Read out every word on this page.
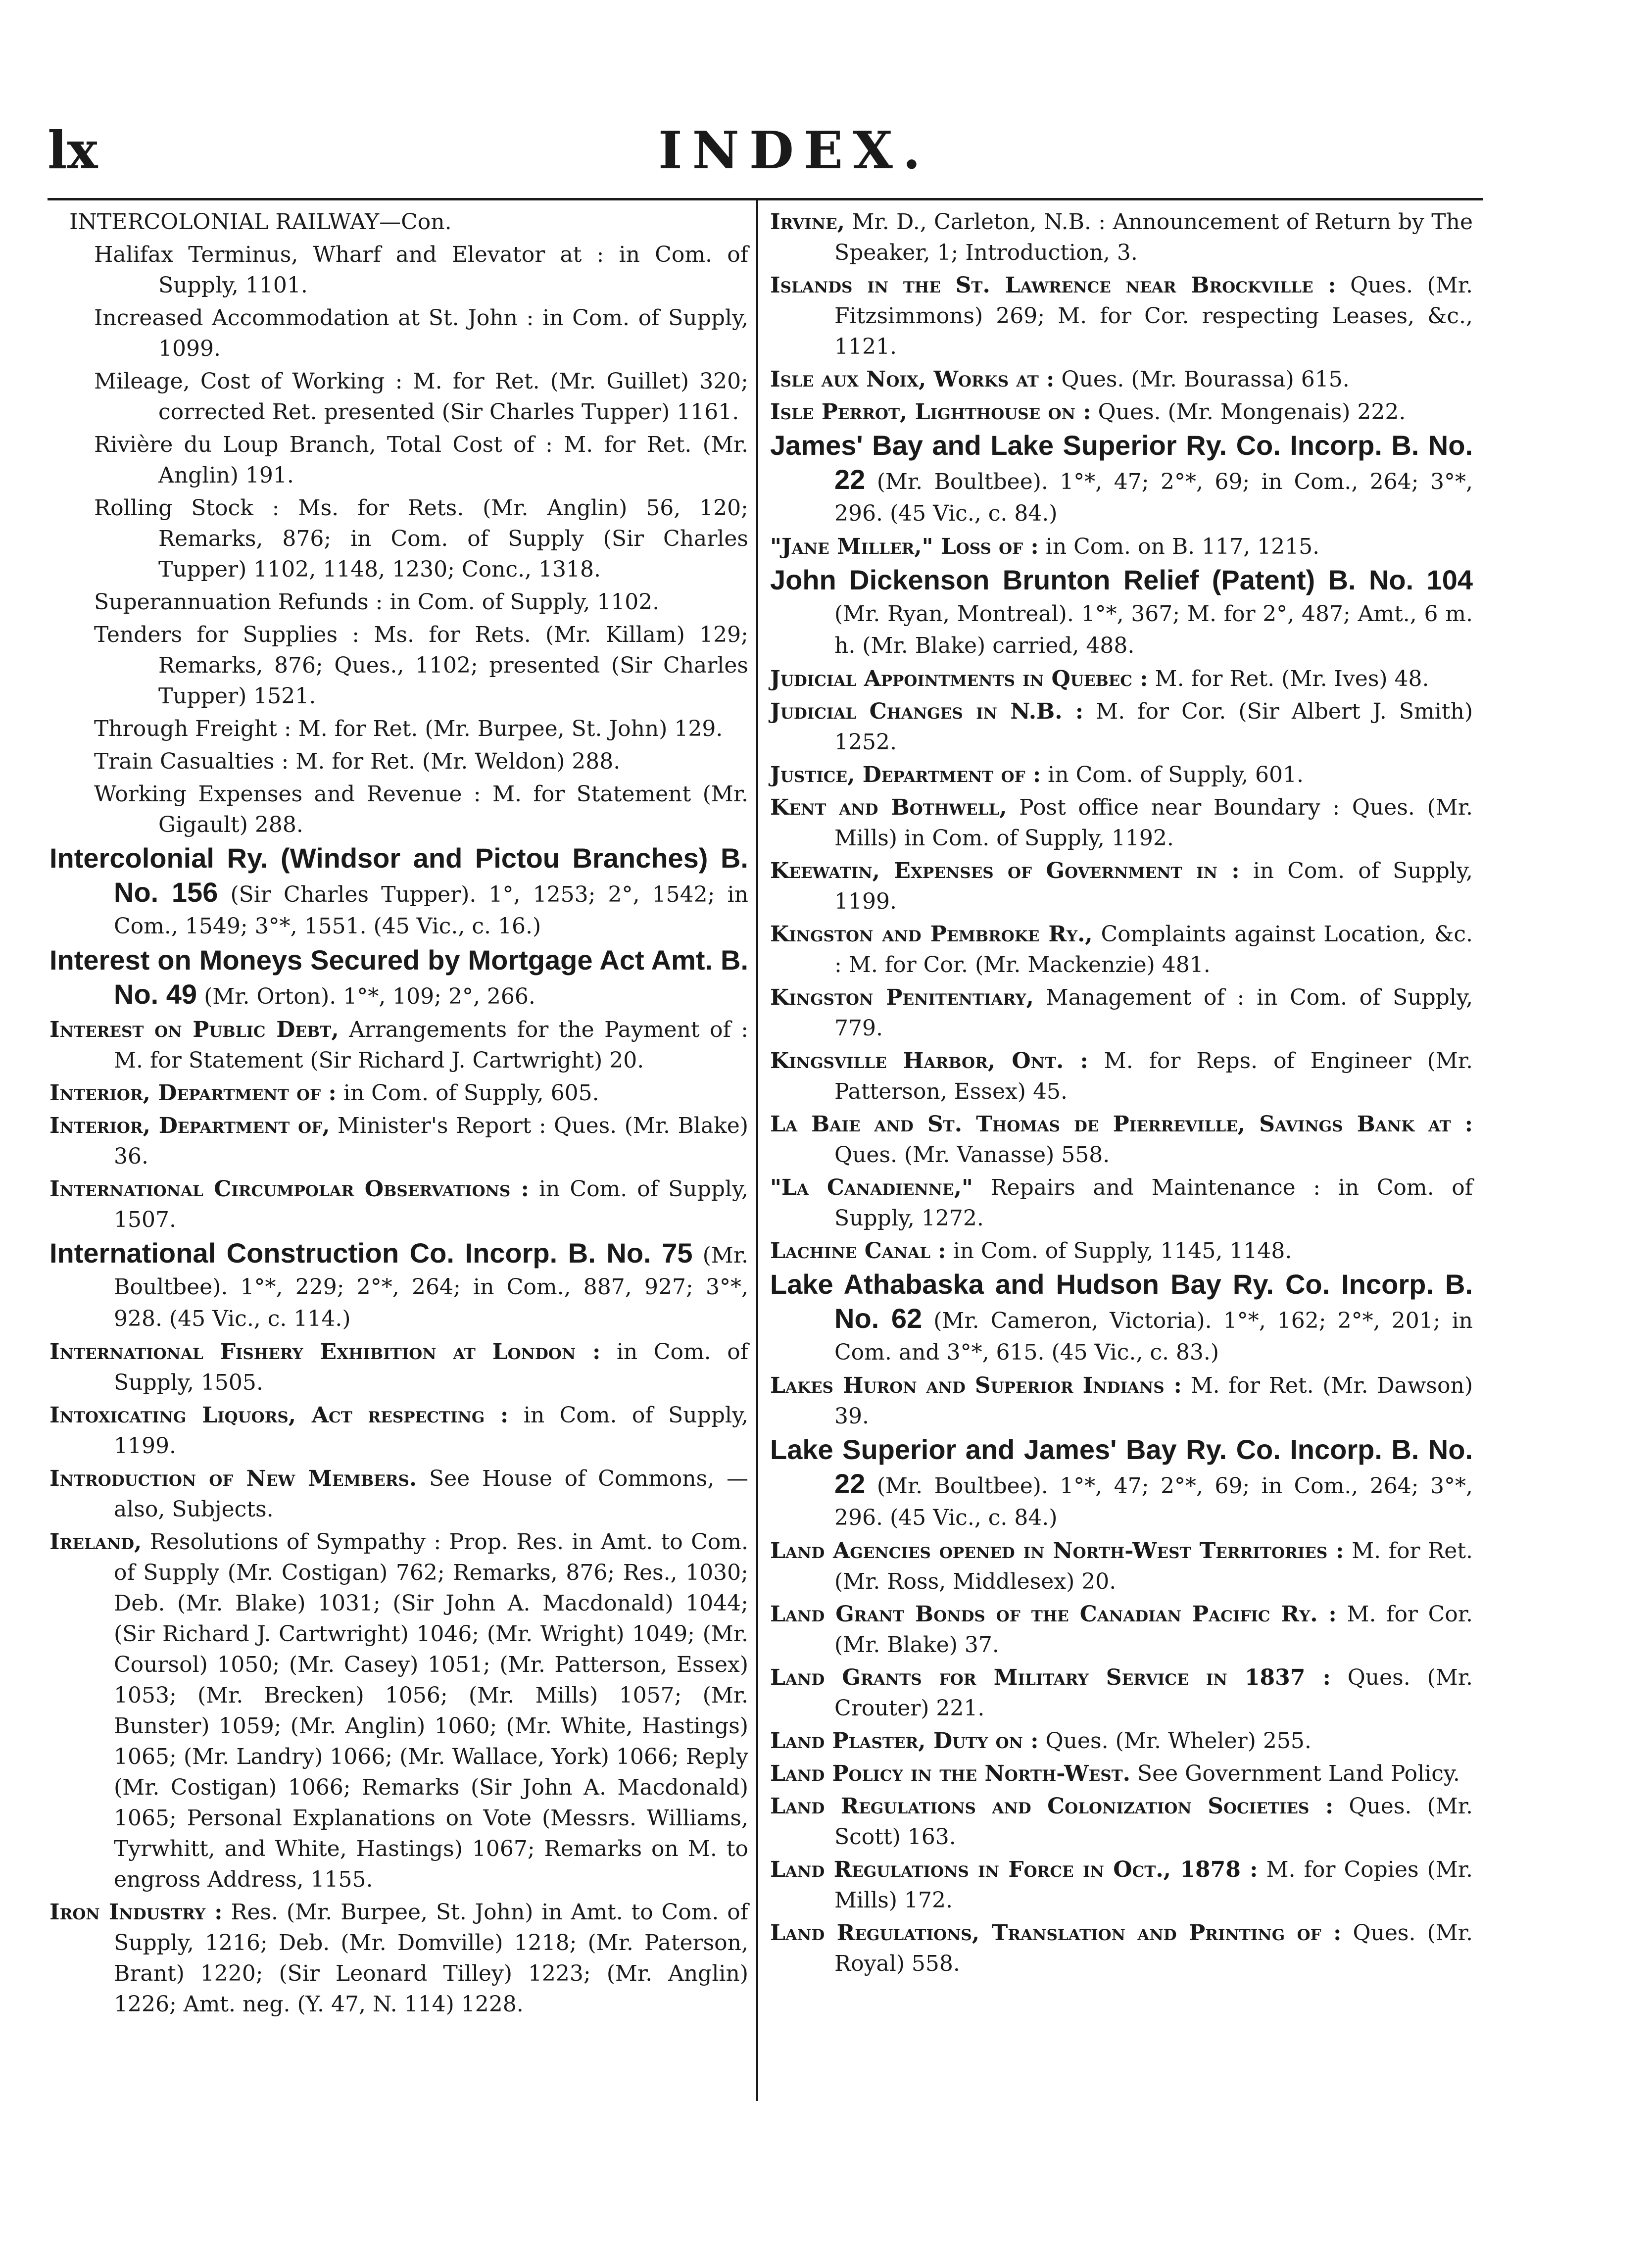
lx	INDEX.

INTERCOLONIAL RAILWAY—Con.

Halifax Terminus, Wharf and Elevator at : in Com. of Supply, 1101.

Increased Accommodation at St. John : in Com. of Supply, 1099.

Mileage, Cost of Working : M. for Ret. (Mr. Guillet) 320; corrected Ret. presented (Sir Charles Tupper) 1161.

Rivière du Loup Branch, Total Cost of : M. for Ret. (Mr. Anglin) 191.

Rolling Stock : Ms. for Rets. (Mr. Anglin) 56, 120; Remarks, 876; in Com. of Supply (Sir Charles Tupper) 1102, 1148, 1230; Conc., 1318.

Superannuation Refunds : in Com. of Supply, 1102.

Tenders for Supplies : Ms. for Rets. (Mr. Killam) 129; Remarks, 876; Ques., 1102; presented (Sir Charles Tupper) 1521.

Through Freight : M. for Ret. (Mr. Burpee, St. John) 129.

Train Casualties : M. for Ret. (Mr. Weldon) 288.

Working Expenses and Revenue : M. for Statement (Mr. Gigault) 288.

Intercolonial Ry. (Windsor and Pictou Branches) B. No. 156 (Sir Charles Tupper). 1°, 1253; 2°, 1542; in Com., 1549; 3°*, 1551. (45 Vic., c. 16.)

Interest on Moneys Secured by Mortgage Act Amt. B. No. 49 (Mr. Orton). 1°*, 109; 2°, 266.

Interest on Public Debt, Arrangements for the Payment of : M. for Statement (Sir Richard J. Cartwright) 20.

Interior, Department of : in Com. of Supply, 605.

Interior, Department of, Minister's Report : Ques. (Mr. Blake) 36.

International Circumpolar Observations : in Com. of Supply, 1507.

International Construction Co. Incorp. B. No. 75 (Mr. Boultbee). 1°*, 229; 2°*, 264; in Com., 887, 927; 3°*, 928. (45 Vic., c. 114.)

International Fishery Exhibition at London : in Com. of Supply, 1505.

Intoxicating Liquors, Act respecting : in Com. of Supply, 1199.

Introduction of New Members. See House of Commons, —also, Subjects.

Ireland, Resolutions of Sympathy : Prop. Res. in Amt. to Com. of Supply (Mr. Costigan) 762; Remarks, 876; Res., 1030; Deb. (Mr. Blake) 1031; (Sir John A. Macdonald) 1044; (Sir Richard J. Cartwright) 1046; (Mr. Wright) 1049; (Mr. Coursol) 1050; (Mr. Casey) 1051; (Mr. Patterson, Essex) 1053; (Mr. Brecken) 1056; (Mr. Mills) 1057; (Mr. Bunster) 1059; (Mr. Anglin) 1060; (Mr. White, Hastings) 1065; (Mr. Landry) 1066; (Mr. Wallace, York) 1066; Reply (Mr. Costigan) 1066; Remarks (Sir John A. Macdonald) 1065; Personal Explanations on Vote (Messrs. Williams, Tyrwhitt, and White, Hastings) 1067; Remarks on M. to engross Address, 1155.

Iron Industry : Res. (Mr. Burpee, St. John) in Amt. to Com. of Supply, 1216; Deb. (Mr. Domville) 1218; (Mr. Paterson, Brant) 1220; (Sir Leonard Tilley) 1223; (Mr. Anglin) 1226; Amt. neg. (Y. 47, N. 114) 1228.

Irvine, Mr. D., Carleton, N.B. : Announcement of Return by The Speaker, 1; Introduction, 3.

Islands in the St. Lawrence near Brockville : Ques. (Mr. Fitzsimmons) 269; M. for Cor. respecting Leases, &c., 1121.

Isle aux Noix, Works at : Ques. (Mr. Bourassa) 615.

Isle Perrot, Lighthouse on : Ques. (Mr. Mongenais) 222.

James' Bay and Lake Superior Ry. Co. Incorp. B. No. 22 (Mr. Boultbee). 1°*, 47; 2°*, 69; in Com., 264; 3°*, 296. (45 Vic., c. 84.)

"Jane Miller," Loss of : in Com. on B. 117, 1215.

John Dickenson Brunton Relief (Patent) B. No. 104 (Mr. Ryan, Montreal). 1°*, 367; M. for 2°, 487; Amt., 6 m. h. (Mr. Blake) carried, 488.

Judicial Appointments in Quebec : M. for Ret. (Mr. Ives) 48.

Judicial Changes in N.B. : M. for Cor. (Sir Albert J. Smith) 1252.

Justice, Department of : in Com. of Supply, 601.

Kent and Bothwell, Post office near Boundary : Ques. (Mr. Mills) in Com. of Supply, 1192.

Keewatin, Expenses of Government in : in Com. of Supply, 1199.

Kingston and Pembroke Ry., Complaints against Location, &c. : M. for Cor. (Mr. Mackenzie) 481.

Kingston Penitentiary, Management of : in Com. of Supply, 779.

Kingsville Harbor, Ont. : M. for Reps. of Engineer (Mr. Patterson, Essex) 45.

La Baie and St. Thomas de Pierreville, Savings Bank at : Ques. (Mr. Vanasse) 558.

"La Canadienne," Repairs and Maintenance : in Com. of Supply, 1272.

Lachine Canal : in Com. of Supply, 1145, 1148.

Lake Athabaska and Hudson Bay Ry. Co. Incorp. B. No. 62 (Mr. Cameron, Victoria). 1°*, 162; 2°*, 201; in Com. and 3°*, 615. (45 Vic., c. 83.)

Lakes Huron and Superior Indians : M. for Ret. (Mr. Dawson) 39.

Lake Superior and James' Bay Ry. Co. Incorp. B. No. 22 (Mr. Boultbee). 1°*, 47; 2°*, 69; in Com., 264; 3°*, 296. (45 Vic., c. 84.)

Land Agencies opened in North-West Territories : M. for Ret. (Mr. Ross, Middlesex) 20.

Land Grant Bonds of the Canadian Pacific Ry. : M. for Cor. (Mr. Blake) 37.

Land Grants for Military Service in 1837 : Ques. (Mr. Crouter) 221.

Land Plaster, Duty on : Ques. (Mr. Wheler) 255.

Land Policy in the North-West. See Government Land Policy.

Land Regulations and Colonization Societies : Ques. (Mr. Scott) 163.

Land Regulations in Force in Oct., 1878 : M. for Copies (Mr. Mills) 172.

Land Regulations, Translation and Printing of : Ques. (Mr. Royal) 558.
